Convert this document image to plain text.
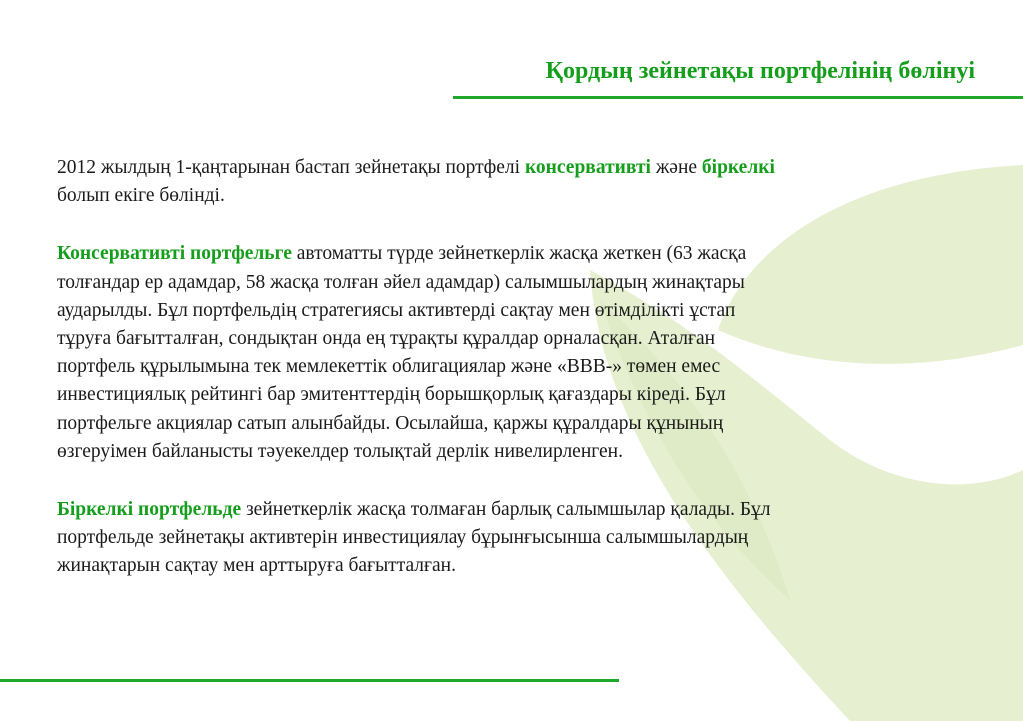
Қордың зейнетақы портфелінің бөлінуі

2012 жылдың 1-қаңтарынан бастап зейнетақы портфелі консервативті және біркелкі
болып екіге бөлінді.

Консервативті портфельге автоматты түрде зейнеткерлік жасқа жеткен (63 жасқа
толғандар ер адамдар, 58 жасқа толған әйел адамдар) салымшылардың жинақтары
аударылды. Бұл портфельдің стратегиясы активтерді сақтау мен өтімділікті ұстап
тұруға бағытталған, сондықтан онда ең тұрақты құралдар орналасқан. Аталған
портфель құрылымына тек мемлекеттік облигациялар және «ВВВ-» төмен емес
инвестициялық рейтингі бар эмитенттердің борышқорлық қағаздары кіреді. Бұл
портфельге акциялар сатып алынбайды. Осылайша, қаржы құралдары құнының
өзгеруімен байланысты тәуекелдер толықтай дерлік нивелирленген.

Біркелкі портфельде зейнеткерлік жасқа толмаған барлық салымшылар қалады. Бұл
портфельде зейнетақы активтерін инвестициялау бұрынғысынша салымшылардың
жинақтарын сақтау мен арттыруға бағытталған.
